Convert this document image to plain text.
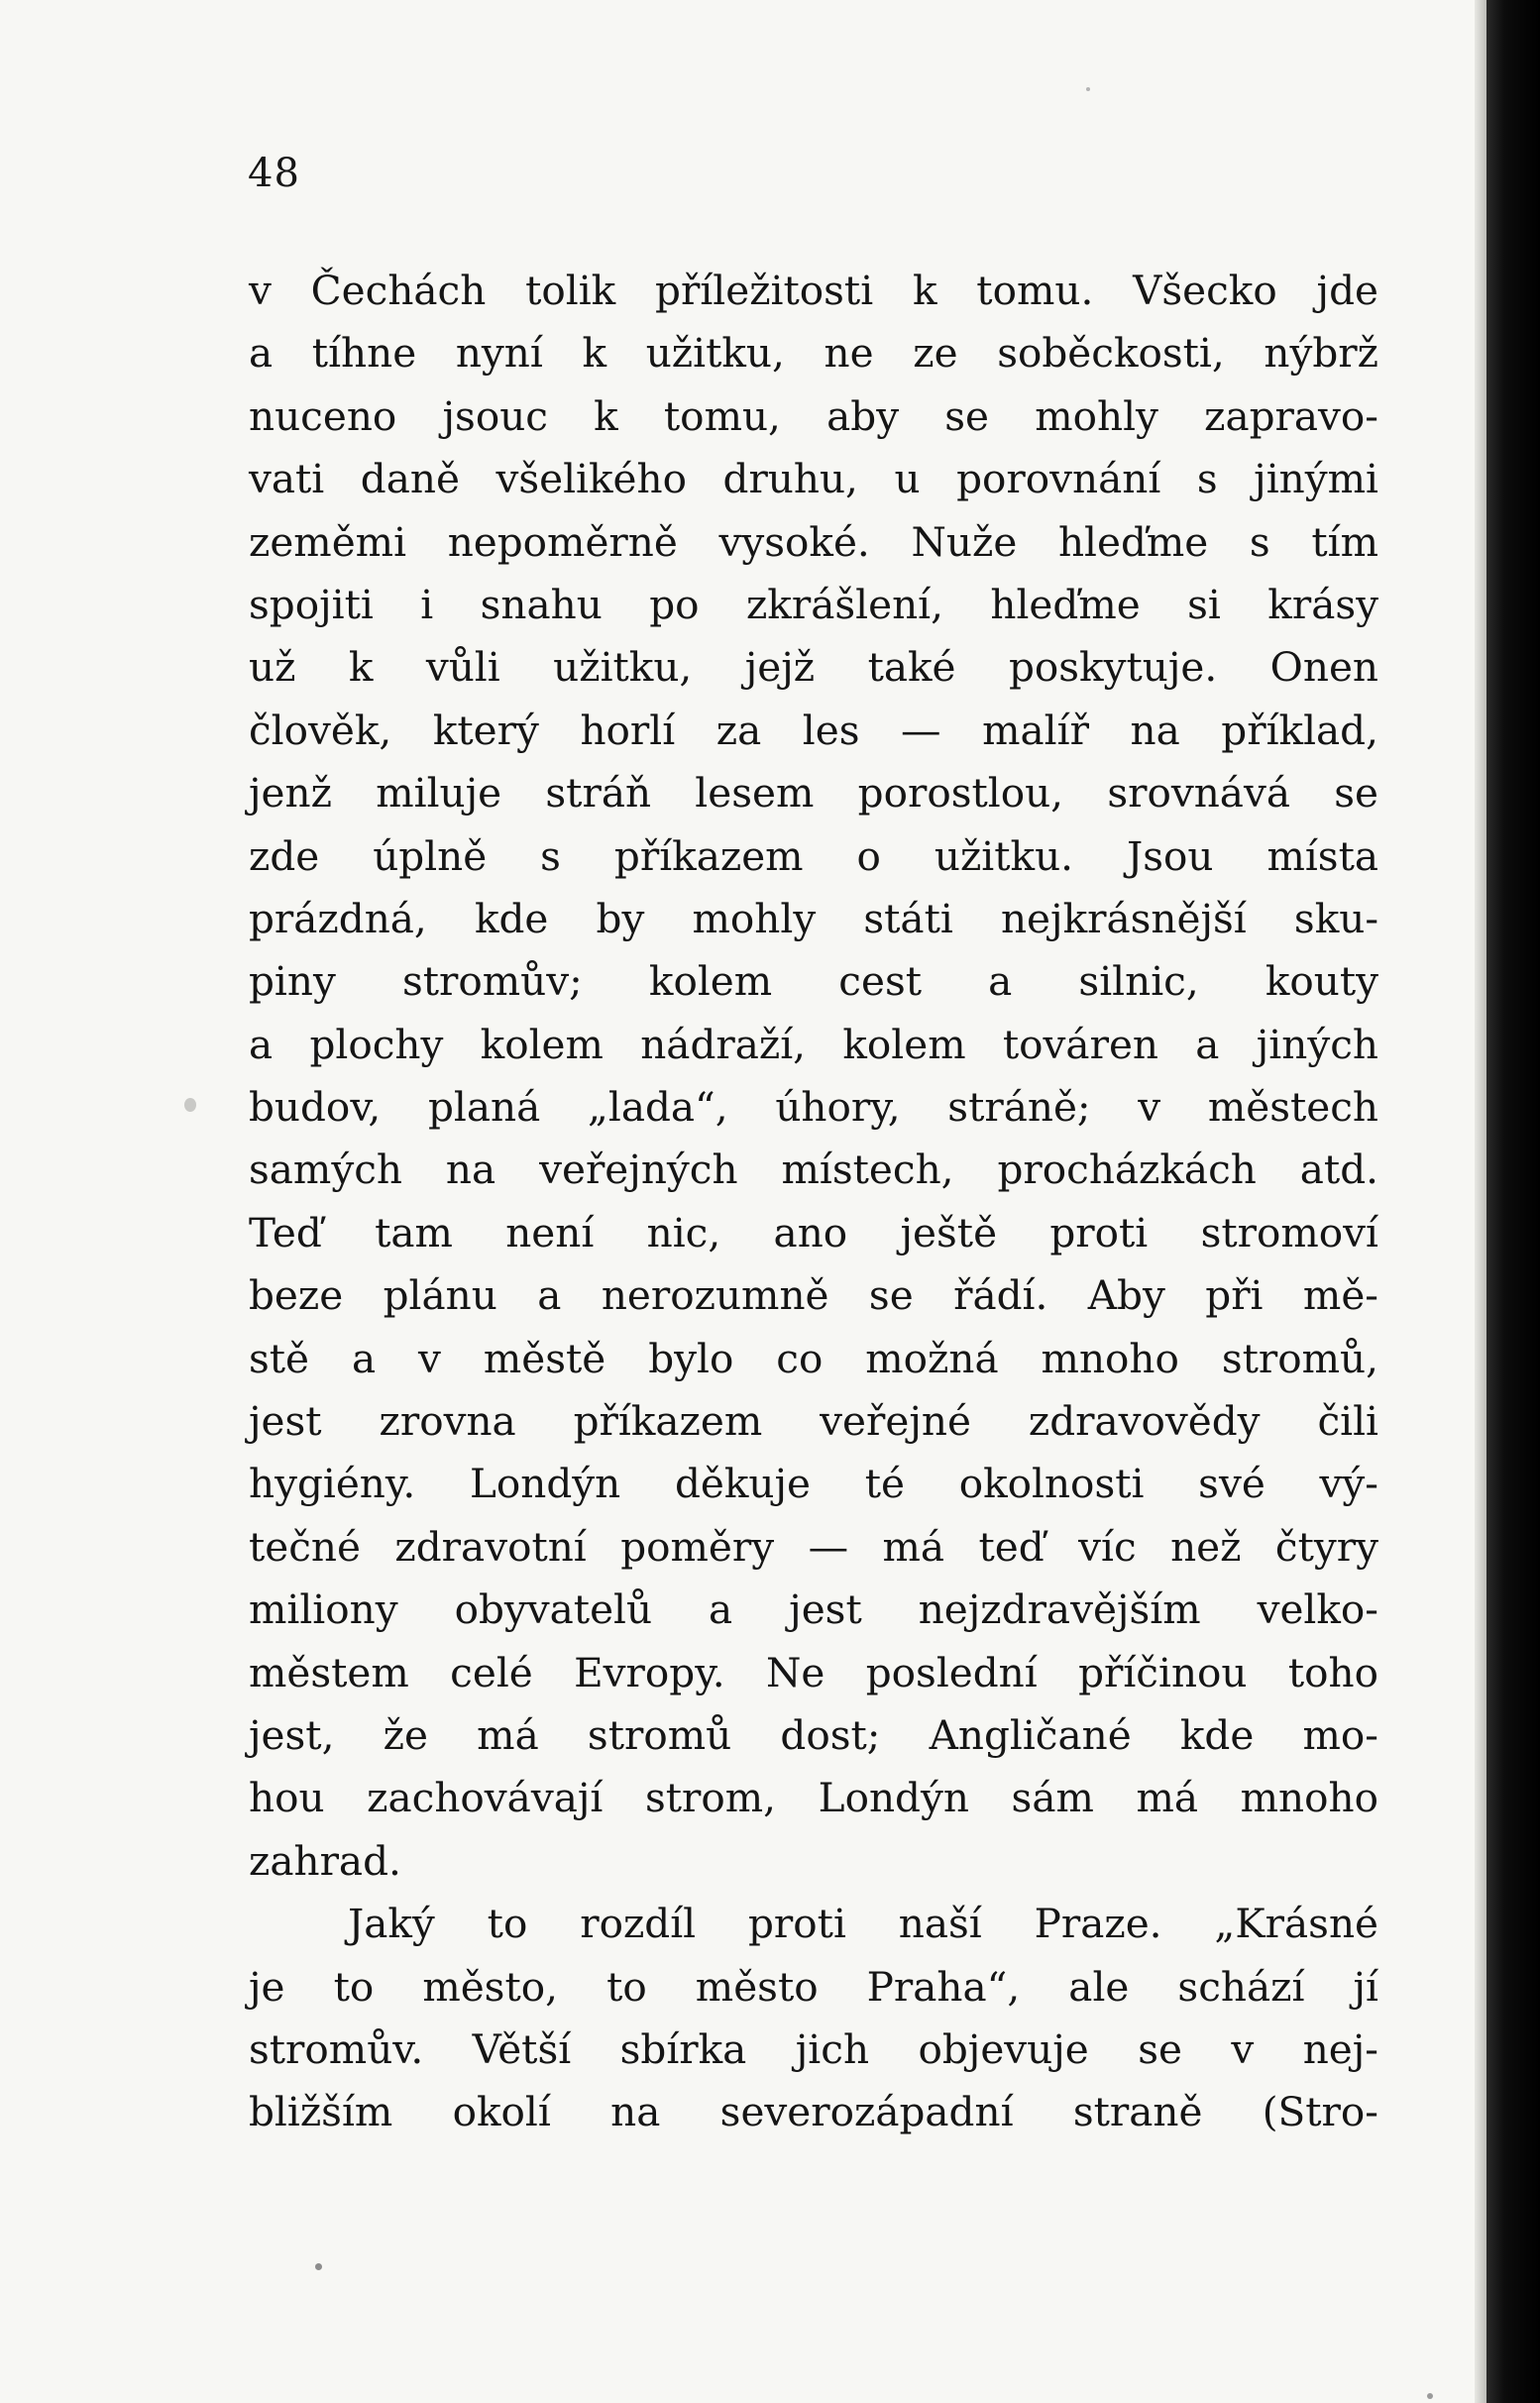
48
v Čechách tolik příležitosti k tomu. Všecko jde
a tíhne nyní k užitku, ne ze soběckosti, nýbrž
nuceno jsouc k tomu, aby se mohly zapravo-
vati daně všelikého druhu, u porovnání s jinými
zeměmi nepoměrně vysoké. Nuže hleďme s tím
spojiti i snahu po zkrášlení, hleďme si krásy
už k vůli užitku, jejž také poskytuje. Onen
člověk, který horlí za les — malíř na příklad,
jenž miluje stráň lesem porostlou, srovnává se
zde úplně s příkazem o užitku. Jsou místa
prázdná, kde by mohly státi nejkrásnější sku-
piny stromův; kolem cest a silnic, kouty
a plochy kolem nádraží, kolem továren a jiných
budov, planá „lada“, úhory, stráně; v městech
samých na veřejných místech, procházkách atd.
Teď tam není nic, ano ještě proti stromoví
beze plánu a nerozumně se řádí. Aby při mě-
stě a v městě bylo co možná mnoho stromů,
jest zrovna příkazem veřejné zdravovědy čili
hygiény. Londýn děkuje té okolnosti své vý-
tečné zdravotní poměry — má teď víc než čtyry
miliony obyvatelů a jest nejzdravějším velko-
městem celé Evropy. Ne poslední příčinou toho
jest, že má stromů dost; Angličané kde mo-
hou zachovávají strom, Londýn sám má mnoho
zahrad.
Jaký to rozdíl proti naší Praze. „Krásné
je to město, to město Praha“, ale schází jí
stromův. Větší sbírka jich objevuje se v nej-
bližším okolí na severozápadní straně (Stro-
